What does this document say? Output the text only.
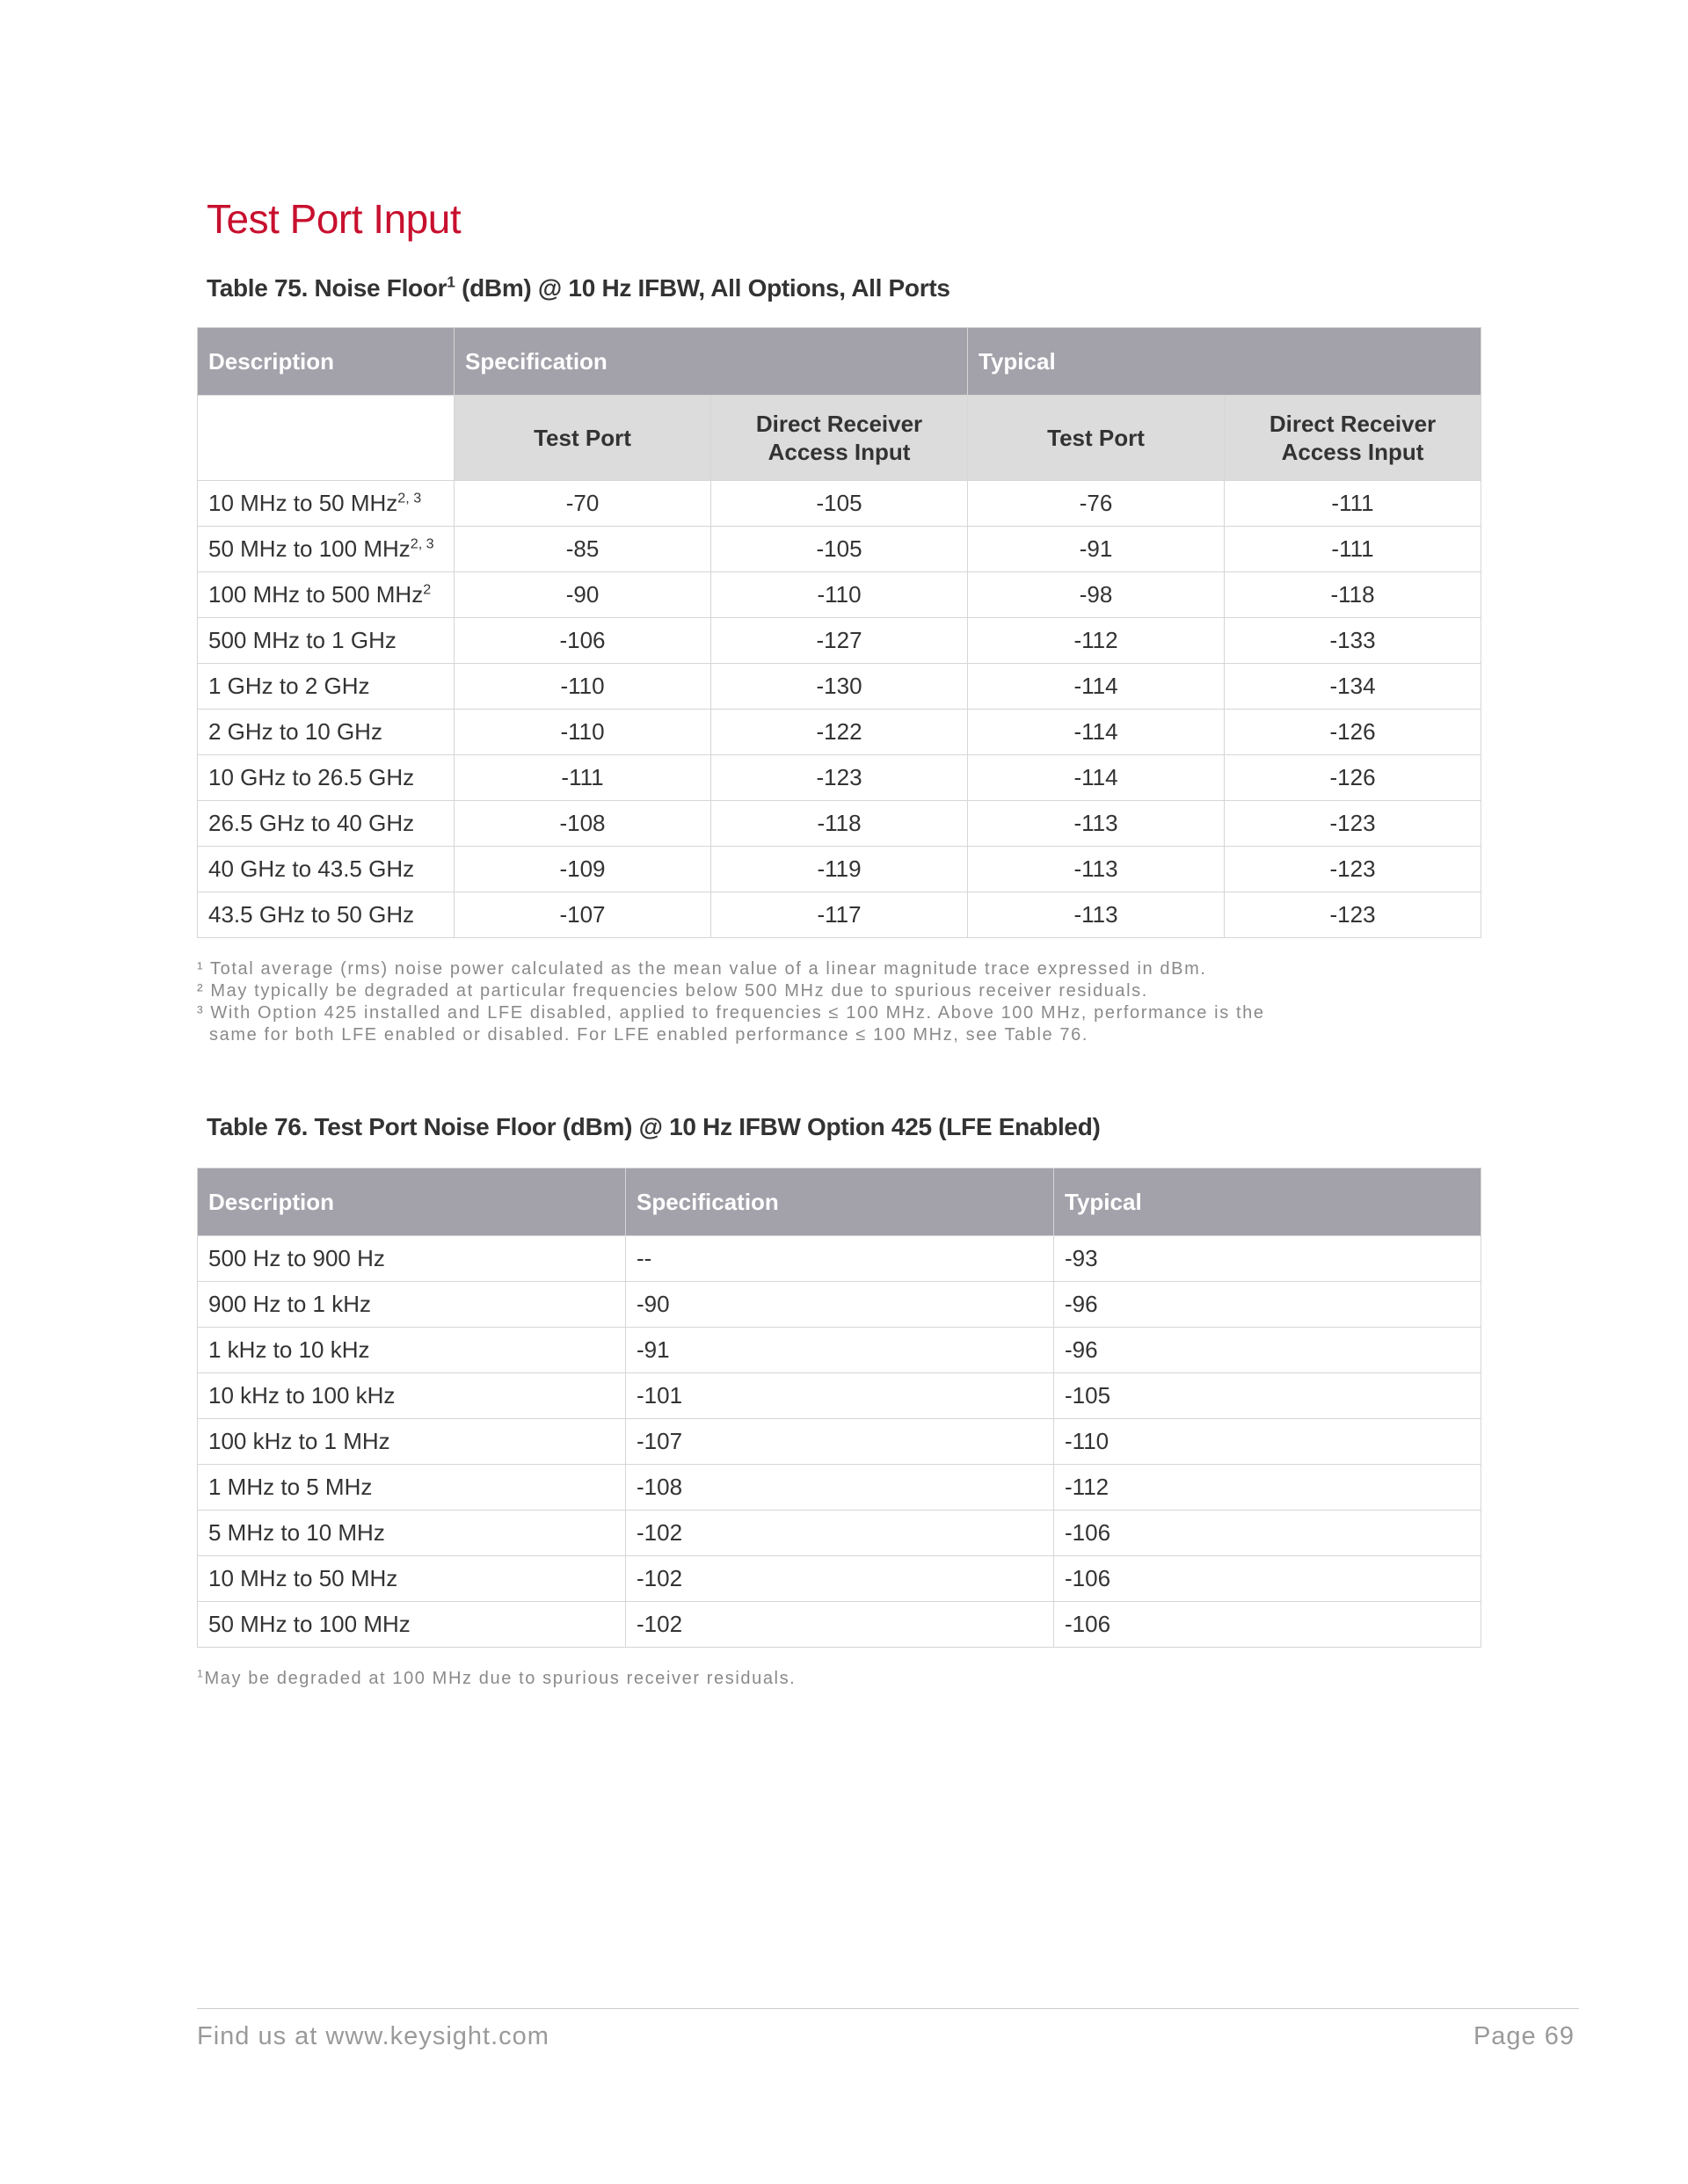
Test Port Input
Table 75. Noise Floor$^1$ (dBm) @ 10 Hz IFBW, All Options, All Ports
Description	Specification		Typical	
	Test Port	Direct Receiver Access Input	Test Port	Direct Receiver Access Input
10 MHz to 50 MHz$^{2, 3}$	-70	-105	-76	-111
50 MHz to 100 MHz$^{2, 3}$	-85	-105	-91	-111
100 MHz to 500 MHz$^2$	-90	-110	-98	-118
500 MHz to 1 GHz	-106	-127	-112	-133
1 GHz to 2 GHz	-110	-130	-114	-134
2 GHz to 10 GHz	-110	-122	-114	-126
10 GHz to 26.5 GHz	-111	-123	-114	-126
26.5 GHz to 40 GHz	-108	-118	-113	-123
40 GHz to 43.5 GHz	-109	-119	-113	-123
43.5 GHz to 50 GHz	-107	-117	-113	-123
¹ Total average (rms) noise power calculated as the mean value of a linear magnitude trace expressed in dBm.
² May typically be degraded at particular frequencies below 500 MHz due to spurious receiver residuals.
³ With Option 425 installed and LFE disabled, applied to frequencies ≤ 100 MHz. Above 100 MHz, performance is the
same for both LFE enabled or disabled. For LFE enabled performance ≤ 100 MHz, see Table 76.
Table 76. Test Port Noise Floor (dBm) @ 10 Hz IFBW Option 425 (LFE Enabled)
Description	Specification	Typical
500 Hz to 900 Hz	--	-93
900 Hz to 1 kHz	-90	-96
1 kHz to 10 kHz	-91	-96
10 kHz to 100 kHz	-101	-105
100 kHz to 1 MHz	-107	-110
1 MHz to 5 MHz	-108	-112
5 MHz to 10 MHz	-102	-106
10 MHz to 50 MHz	-102	-106
50 MHz to 100 MHz	-102	-106
$^1$May be degraded at 100 MHz due to spurious receiver residuals.
Find us at www.keysight.com	Page 69
